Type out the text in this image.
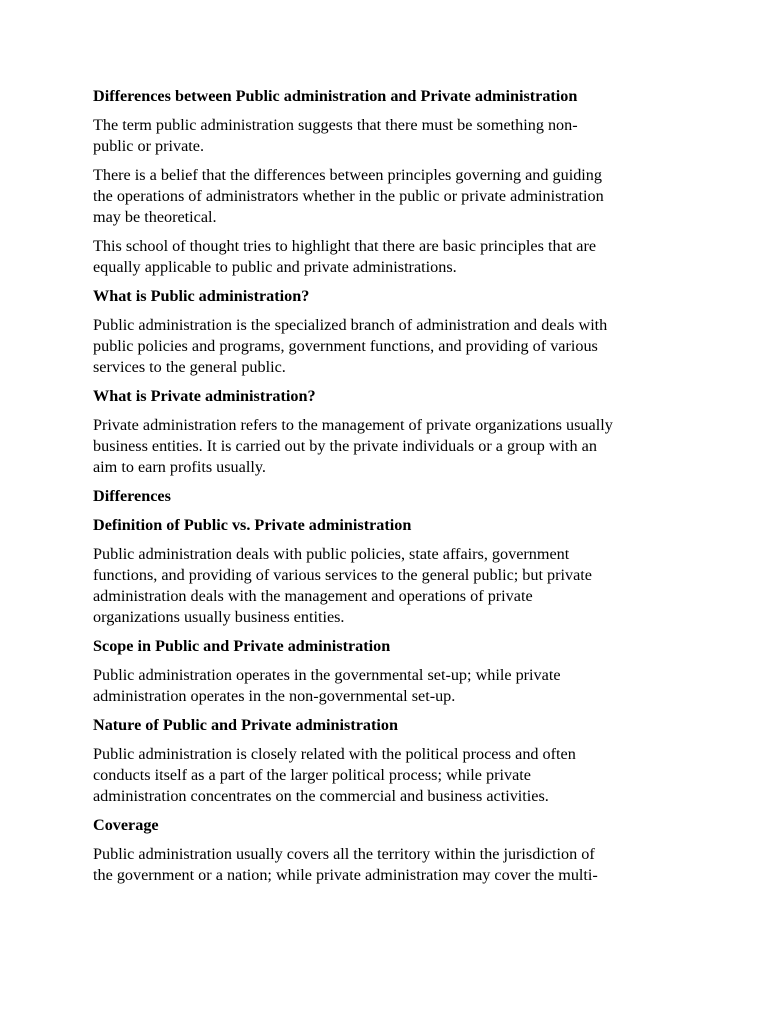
Differences between Public administration and Private administration
The term public administration suggests that there must be something non-
public or private.
There is a belief that the differences between principles governing and guiding
the operations of administrators whether in the public or private administration
may be theoretical.
This school of thought tries to highlight that there are basic principles that are
equally applicable to public and private administrations.
What is Public administration?
Public administration is the specialized branch of administration and deals with
public policies and programs, government functions, and providing of various
services to the general public.
What is Private administration?
Private administration refers to the management of private organizations usually
business entities. It is carried out by the private individuals or a group with an
aim to earn profits usually.
Differences
Definition of Public vs. Private administration
Public administration deals with public policies, state affairs, government
functions, and providing of various services to the general public; but private
administration deals with the management and operations of private
organizations usually business entities.
Scope in Public and Private administration
Public administration operates in the governmental set-up; while private
administration operates in the non-governmental set-up.
Nature of Public and Private administration
Public administration is closely related with the political process and often
conducts itself as a part of the larger political process; while private
administration concentrates on the commercial and business activities.
Coverage
Public administration usually covers all the territory within the jurisdiction of
the government or a nation; while private administration may cover the multi-
